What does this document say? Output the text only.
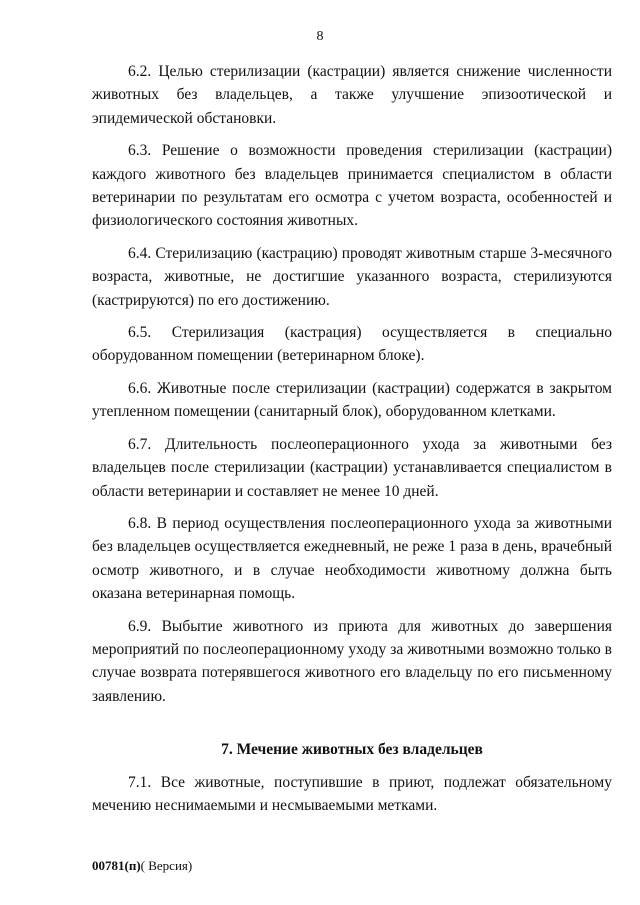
8

6.2. Целью стерилизации (кастрации) является снижение численности животных без владельцев, а также улучшение эпизоотической и эпидемической обстановки.

6.3. Решение о возможности проведения стерилизации (кастрации) каждого животного без владельцев принимается специалистом в области ветеринарии по результатам его осмотра с учетом возраста, особенностей и физиологического состояния животных.

6.4. Стерилизацию (кастрацию) проводят животным старше 3-месячного возраста, животные, не достигшие указанного возраста, стерилизуются (кастрируются) по его достижению.

6.5. Стерилизация (кастрация) осуществляется в специально оборудованном помещении (ветеринарном блоке).

6.6. Животные после стерилизации (кастрации) содержатся в закрытом утепленном помещении (санитарный блок), оборудованном клетками.

6.7. Длительность послеоперационного ухода за животными без владельцев после стерилизации (кастрации) устанавливается специалистом в области ветеринарии и составляет не менее 10 дней.

6.8. В период осуществления послеоперационного ухода за животными без владельцев осуществляется ежедневный, не реже 1 раза в день, врачебный осмотр животного, и в случае необходимости животному должна быть оказана ветеринарная помощь.

6.9. Выбытие животного из приюта для животных до завершения мероприятий по послеоперационному уходу за животными возможно только в случае возврата потерявшегося животного его владельцу по его письменному заявлению.

7. Мечение животных без владельцев

7.1. Все животные, поступившие в приют, подлежат обязательному мечению неснимаемыми и несмываемыми метками.

00781(п)( Версия)
